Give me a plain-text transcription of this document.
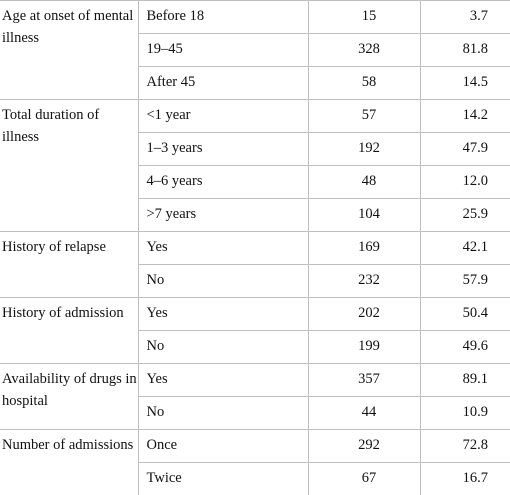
Age at onset of mental illness	Before 18	15	3.7
	19–45	328	81.8
	After 45	58	14.5
Total duration of illness	<1 year	57	14.2
	1–3 years	192	47.9
	4–6 years	48	12.0
	>7 years	104	25.9
History of relapse	Yes	169	42.1
	No	232	57.9
History of admission	Yes	202	50.4
	No	199	49.6
Availability of drugs in hospital	Yes	357	89.1
	No	44	10.9
Number of admissions	Once	292	72.8
	Twice	67	16.7
